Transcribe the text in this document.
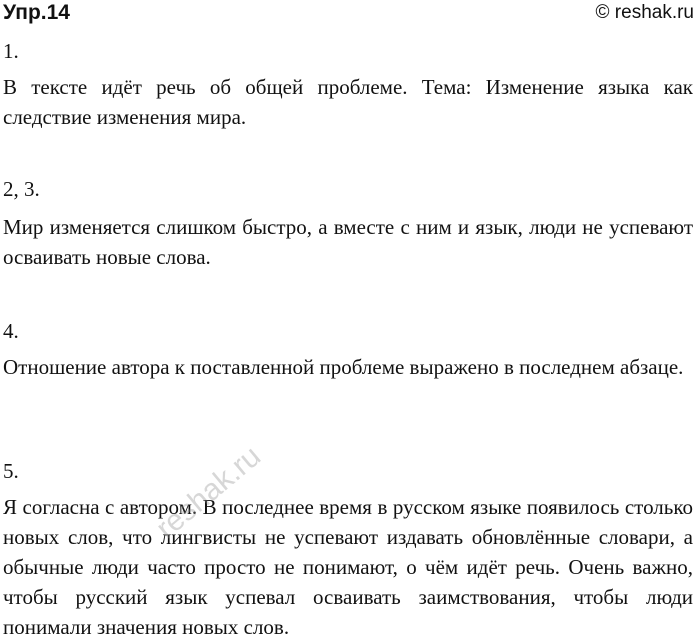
Упр.14	© reshak.ru
1.

В тексте идёт речь об общей проблеме. Тема: Изменение языка как следствие изменения мира.

2, 3.

Мир изменяется слишком быстро, а вместе с ним и язык, люди не успевают осваивать новые слова.

4.

Отношение автора к поставленной проблеме выражено в последнем абзаце.

5.

Я согласна с автором. В последнее время в русском языке появилось столько новых слов, что лингвисты не успевают издавать обновлённые словари, а обычные люди часто просто не понимают, о чём идёт речь. Очень важно, чтобы русский язык успевал осваивать заимствования, чтобы люди понимали значения новых слов.

reshak.ru
